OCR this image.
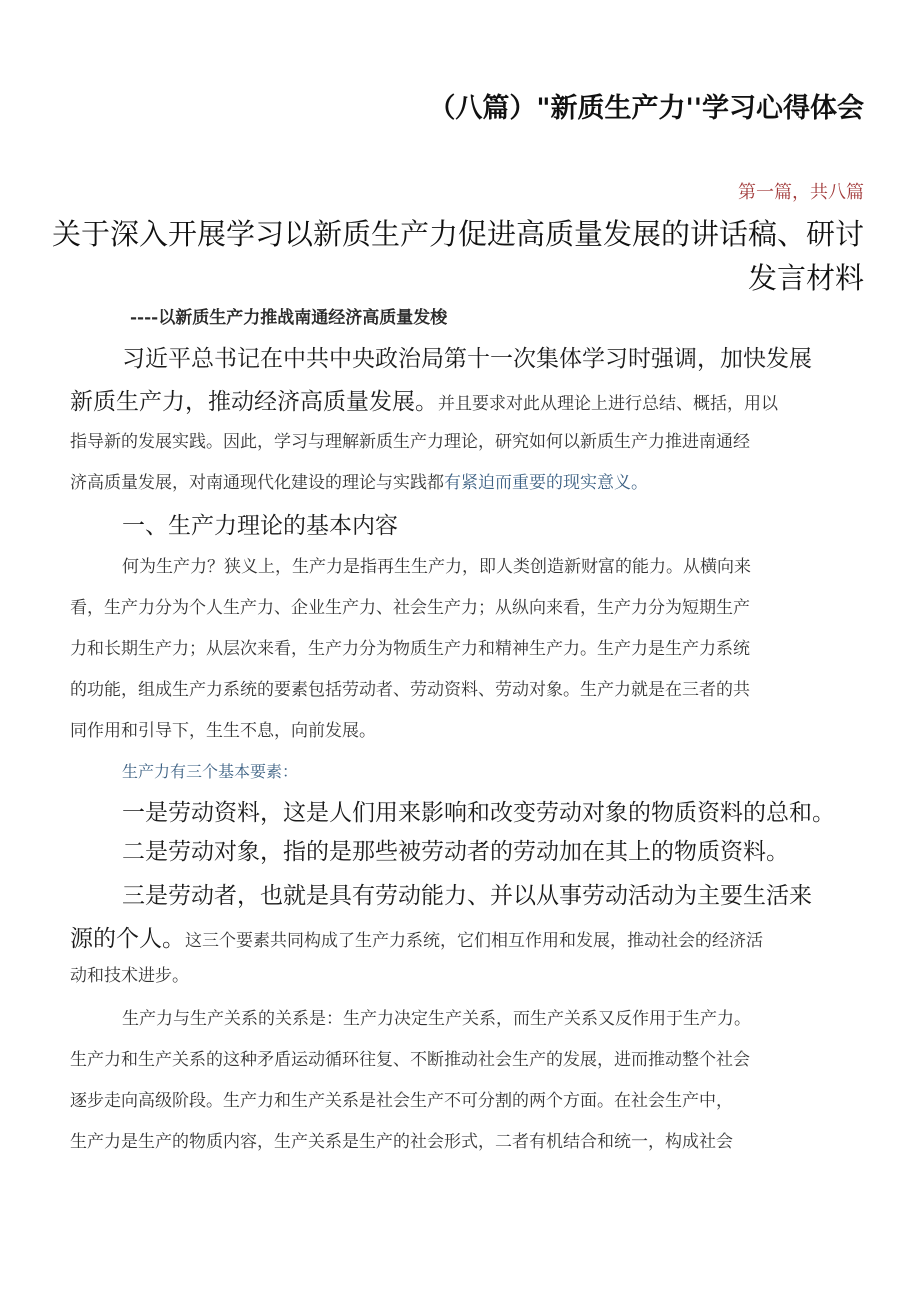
（八篇）"新质生产力''学习心得体会
第一篇，共八篇
关于深入开展学习以新质生产力促进高质量发展的讲话稿、研讨
发言材料
----以新质生产力推战南通经济高质量发梭
习近平总书记在中共中央政治局第十一次集体学习时强调，加快发展
新质生产力，推动经济高质量发展。并且要求对此从理论上进行总结、概括，用以
指导新的发展实践。因此，学习与理解新质生产力理论，研究如何以新质生产力推进南通经
济高质量发展，对南通现代化建设的理论与实践都有紧迫而重要的现实意义。
一、生产力理论的基本内容
何为生产力？狭义上，生产力是指再生生产力，即人类创造新财富的能力。从横向来
看，生产力分为个人生产力、企业生产力、社会生产力；从纵向来看，生产力分为短期生产
力和长期生产力；从层次来看，生产力分为物质生产力和精神生产力。生产力是生产力系统
的功能，组成生产力系统的要素包括劳动者、劳动资料、劳动对象。生产力就是在三者的共
同作用和引导下，生生不息，向前发展。
生产力有三个基本要素：
一是劳动资料，这是人们用来影响和改变劳动对象的物质资料的总和。
二是劳动对象，指的是那些被劳动者的劳动加在其上的物质资料。
三是劳动者，也就是具有劳动能力、并以从事劳动活动为主要生活来
源的个人。这三个要素共同构成了生产力系统，它们相互作用和发展，推动社会的经济活
动和技术进步。
生产力与生产关系的关系是：生产力决定生产关系，而生产关系又反作用于生产力。
生产力和生产关系的这种矛盾运动循环往复、不断推动社会生产的发展，进而推动整个社会
逐步走向高级阶段。生产力和生产关系是社会生产不可分割的两个方面。在社会生产中，
生产力是生产的物质内容，生产关系是生产的社会形式，二者有机结合和统一，构成社会
